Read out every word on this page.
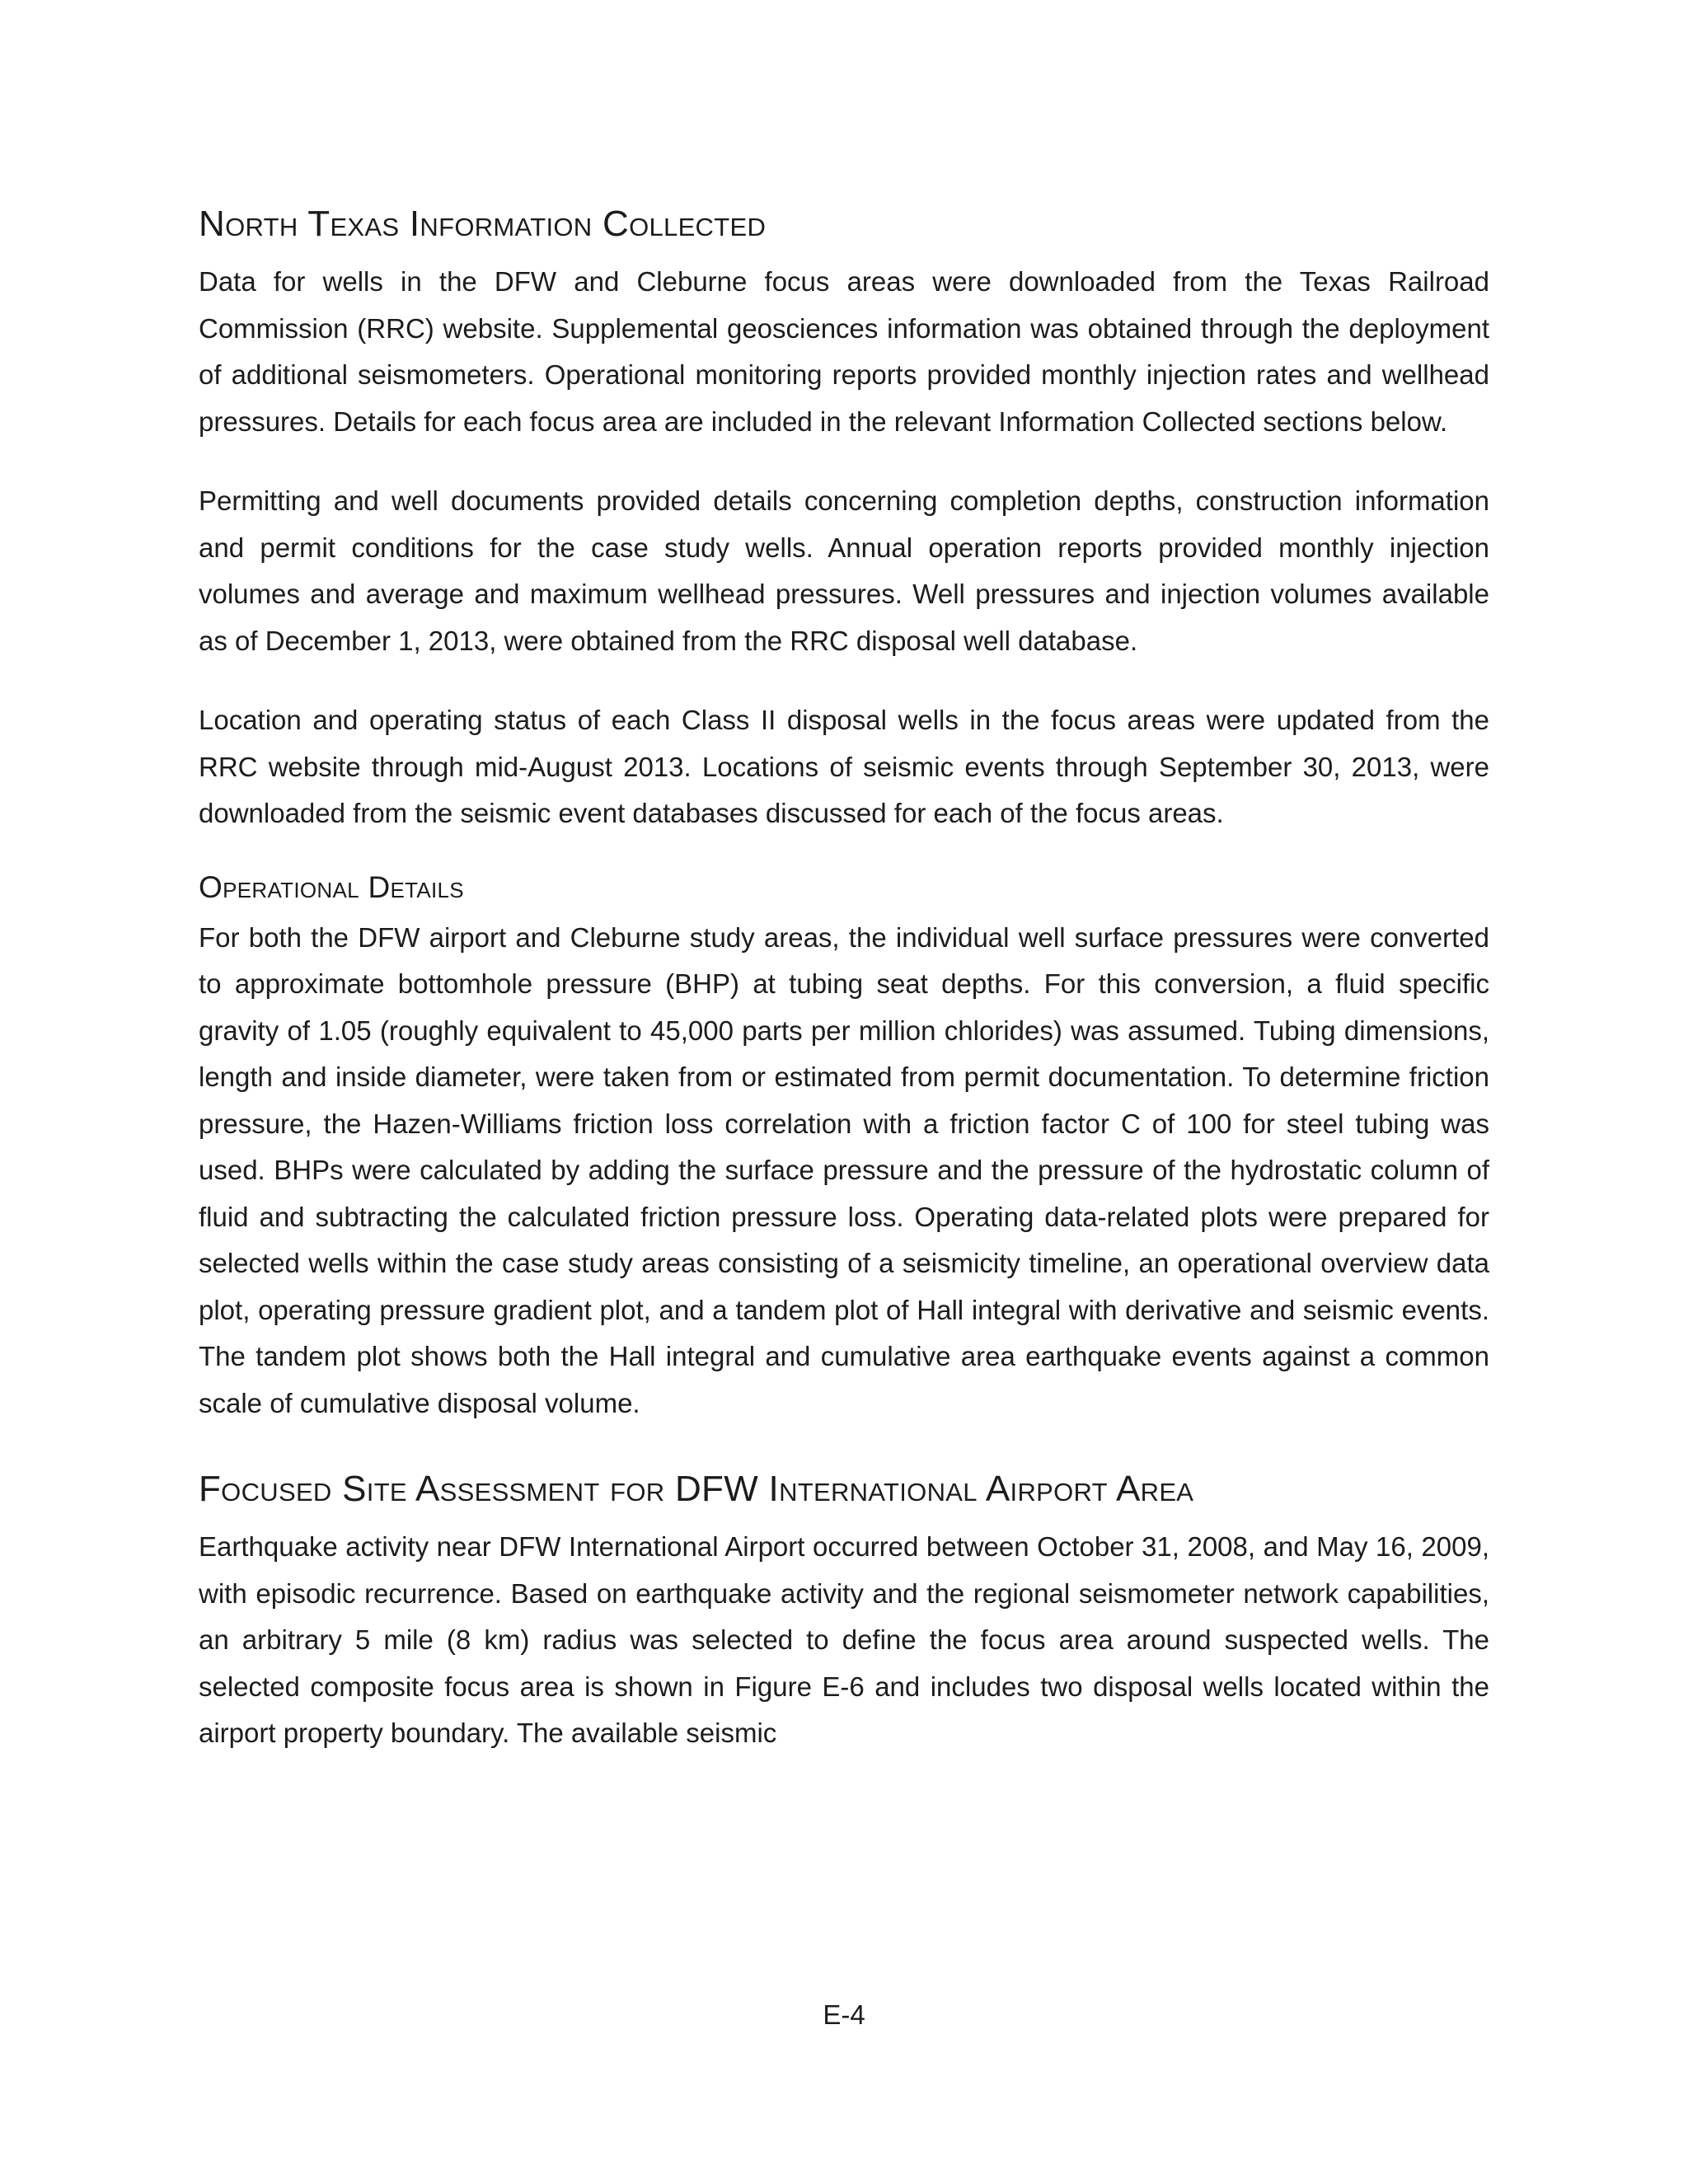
North Texas Information Collected

Data for wells in the DFW and Cleburne focus areas were downloaded from the Texas Railroad Commission (RRC) website. Supplemental geosciences information was obtained through the deployment of additional seismometers. Operational monitoring reports provided monthly injection rates and wellhead pressures. Details for each focus area are included in the relevant Information Collected sections below.

Permitting and well documents provided details concerning completion depths, construction information and permit conditions for the case study wells. Annual operation reports provided monthly injection volumes and average and maximum wellhead pressures. Well pressures and injection volumes available as of December 1, 2013, were obtained from the RRC disposal well database.

Location and operating status of each Class II disposal wells in the focus areas were updated from the RRC website through mid-August 2013. Locations of seismic events through September 30, 2013, were downloaded from the seismic event databases discussed for each of the focus areas.

Operational Details

For both the DFW airport and Cleburne study areas, the individual well surface pressures were converted to approximate bottomhole pressure (BHP) at tubing seat depths. For this conversion, a fluid specific gravity of 1.05 (roughly equivalent to 45,000 parts per million chlorides) was assumed. Tubing dimensions, length and inside diameter, were taken from or estimated from permit documentation. To determine friction pressure, the Hazen-Williams friction loss correlation with a friction factor C of 100 for steel tubing was used. BHPs were calculated by adding the surface pressure and the pressure of the hydrostatic column of fluid and subtracting the calculated friction pressure loss. Operating data-related plots were prepared for selected wells within the case study areas consisting of a seismicity timeline, an operational overview data plot, operating pressure gradient plot, and a tandem plot of Hall integral with derivative and seismic events. The tandem plot shows both the Hall integral and cumulative area earthquake events against a common scale of cumulative disposal volume.

Focused Site Assessment for DFW International Airport Area

Earthquake activity near DFW International Airport occurred between October 31, 2008, and May 16, 2009, with episodic recurrence. Based on earthquake activity and the regional seismometer network capabilities, an arbitrary 5 mile (8 km) radius was selected to define the focus area around suspected wells. The selected composite focus area is shown in Figure E-6 and includes two disposal wells located within the airport property boundary. The available seismic

E-4
